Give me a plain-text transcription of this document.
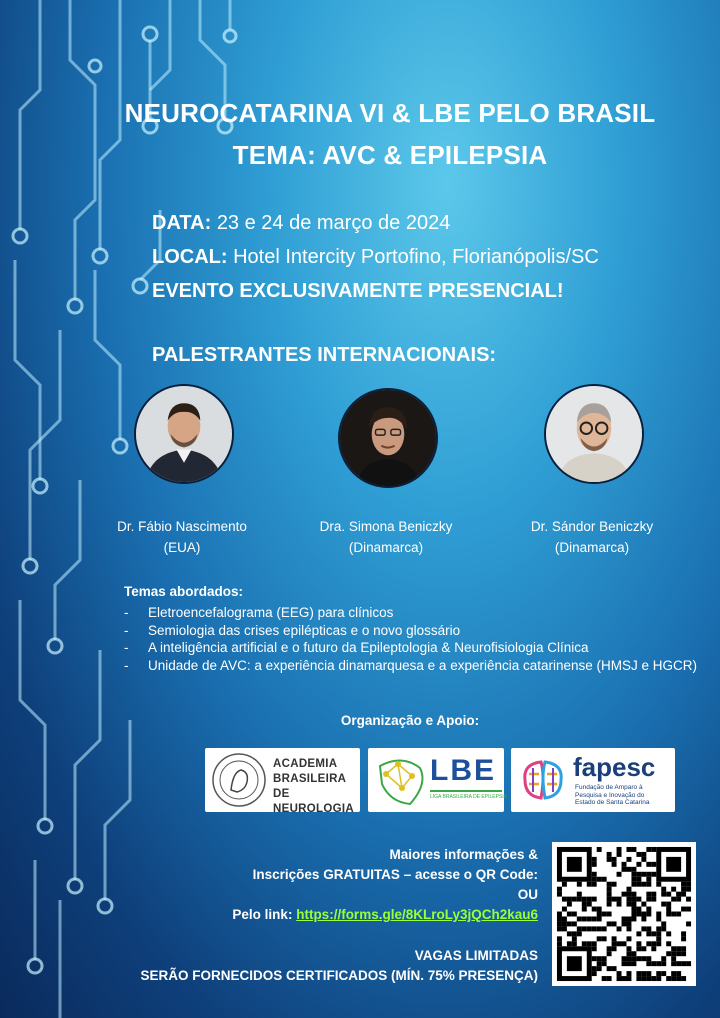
NEUROCATARINA VI & LBE PELO BRASIL
TEMA: AVC & EPILEPSIA
DATA: 23 e 24 de março de 2024
LOCAL: Hotel Intercity Portofino, Florianópolis/SC
EVENTO EXCLUSIVAMENTE PRESENCIAL!
PALESTRANTES INTERNACIONAIS:
Dr. Fábio Nascimento
(EUA)
Dra. Simona Beniczky
(Dinamarca)
Dr. Sándor Beniczky
(Dinamarca)
Temas abordados:
- Eletroencefalograma (EEG) para clínicos
- Semiologia das crises epilépticas e o novo glossário
- A inteligência artificial e o futuro da Epileptologia & Neurofisiologia Clínica
- Unidade de AVC: a experiência dinamarquesa e a experiência catarinense (HMSJ e HGCR)
Organização e Apoio:
ACADEMIA
BRASILEIRA
DE NEUROLOGIA
LBE
LIGA BRASILEIRA DE EPILEPSIA
fapesc
Fundação de Amparo à
Pesquisa e Inovação do
Estado de Santa Catarina
Maiores informações &
Inscrições GRATUITAS – acesse o QR Code:
OU
Pelo link: https://forms.gle/8KLroLy3jQCh2kau6
VAGAS LIMITADAS
SERÃO FORNECIDOS CERTIFICADOS (MÍN. 75% PRESENÇA)
